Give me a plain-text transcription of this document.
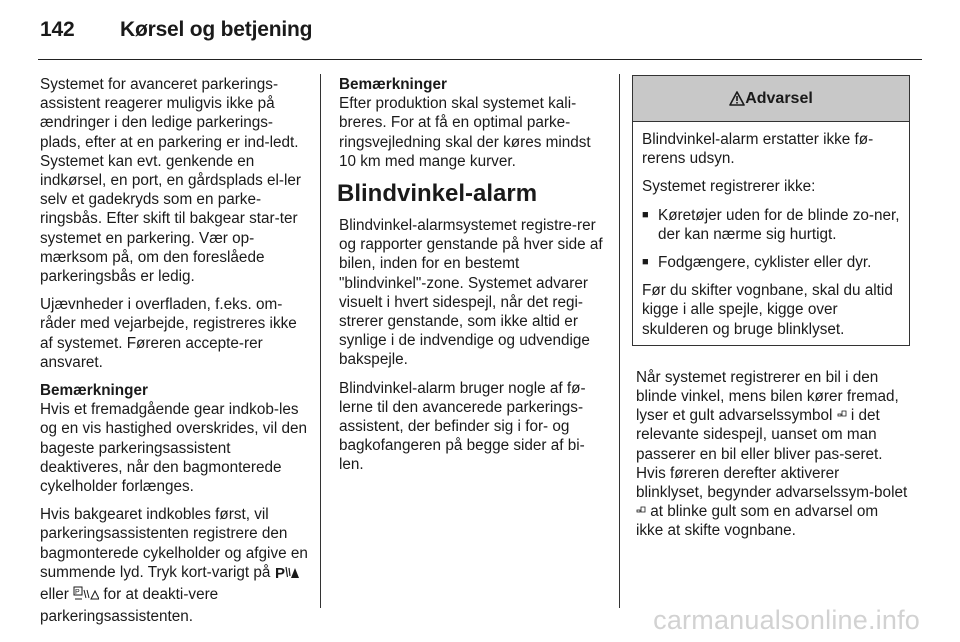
142 Kørsel og betjening

Systemet for avanceret parkerings-assistent reagerer muligvis ikke på ændringer i den ledige parkerings-plads, efter at en parkering er ind-ledt. Systemet kan evt. genkende en indkørsel, en port, en gårdsplads el-ler selv et gadekryds som en parke-ringsbås. Efter skift til bakgear star-ter systemet en parkering. Vær op-mærksom på, om den foreslåede parkeringsbås er ledig.

Ujævnheder i overfladen, f.eks. om-råder med vejarbejde, registreres ikke af systemet. Føreren accepte-rer ansvaret.

Bemærkninger
Hvis et fremadgående gear indkob-les og en vis hastighed overskrides, vil den bageste parkeringsassistent deaktiveres, når den bagmonterede cykelholder forlænges.

Hvis bakgearet indkobles først, vil parkeringsassistenten registrere den bagmonterede cykelholder og afgive en summende lyd. Tryk kort-varigt på P
eller P for at deakti-vere parkeringsassistenten.

Bemærkninger
Efter produktion skal systemet kali-breres. For at få en optimal parke-ringsvejledning skal der køres mindst 10 km med mange kurver.

Blindvinkel-alarm

Blindvinkel-alarmsystemet registre-rer og rapporter genstande på hver side af bilen, inden for en bestemt "blindvinkel"-zone. Systemet advarer visuelt i hvert sidespejl, når det regi-strerer genstande, som ikke altid er synlige i de indvendige og udvendige bakspejle.

Blindvinkel-alarm bruger nogle af fø-lerne til den avancerede parkerings-assistent, der befinder sig i for- og bagkofangeren på begge sider af bi-len.

Advarsel

Blindvinkel-alarm erstatter ikke fø-rerens udsyn.

Systemet registrerer ikke:

■ Køretøjer uden for de blinde zo-ner, der kan nærme sig hurtigt.
■ Fodgængere, cyklister eller dyr.

Før du skifter vognbane, skal du altid kigge i alle spejle, kigge over skulderen og bruge blinklyset.

Når systemet registrerer en bil i den blinde vinkel, mens bilen kører fremad, lyser et gult advarselssymbol i det relevante sidespejl, uanset om man passerer en bil eller bliver pas-seret. Hvis føreren derefter aktiverer blinklyset, begynder advarselssym-bolet  at blinke gult som en advarsel om ikke at skifte vognbane.

carmanualsonline.info
